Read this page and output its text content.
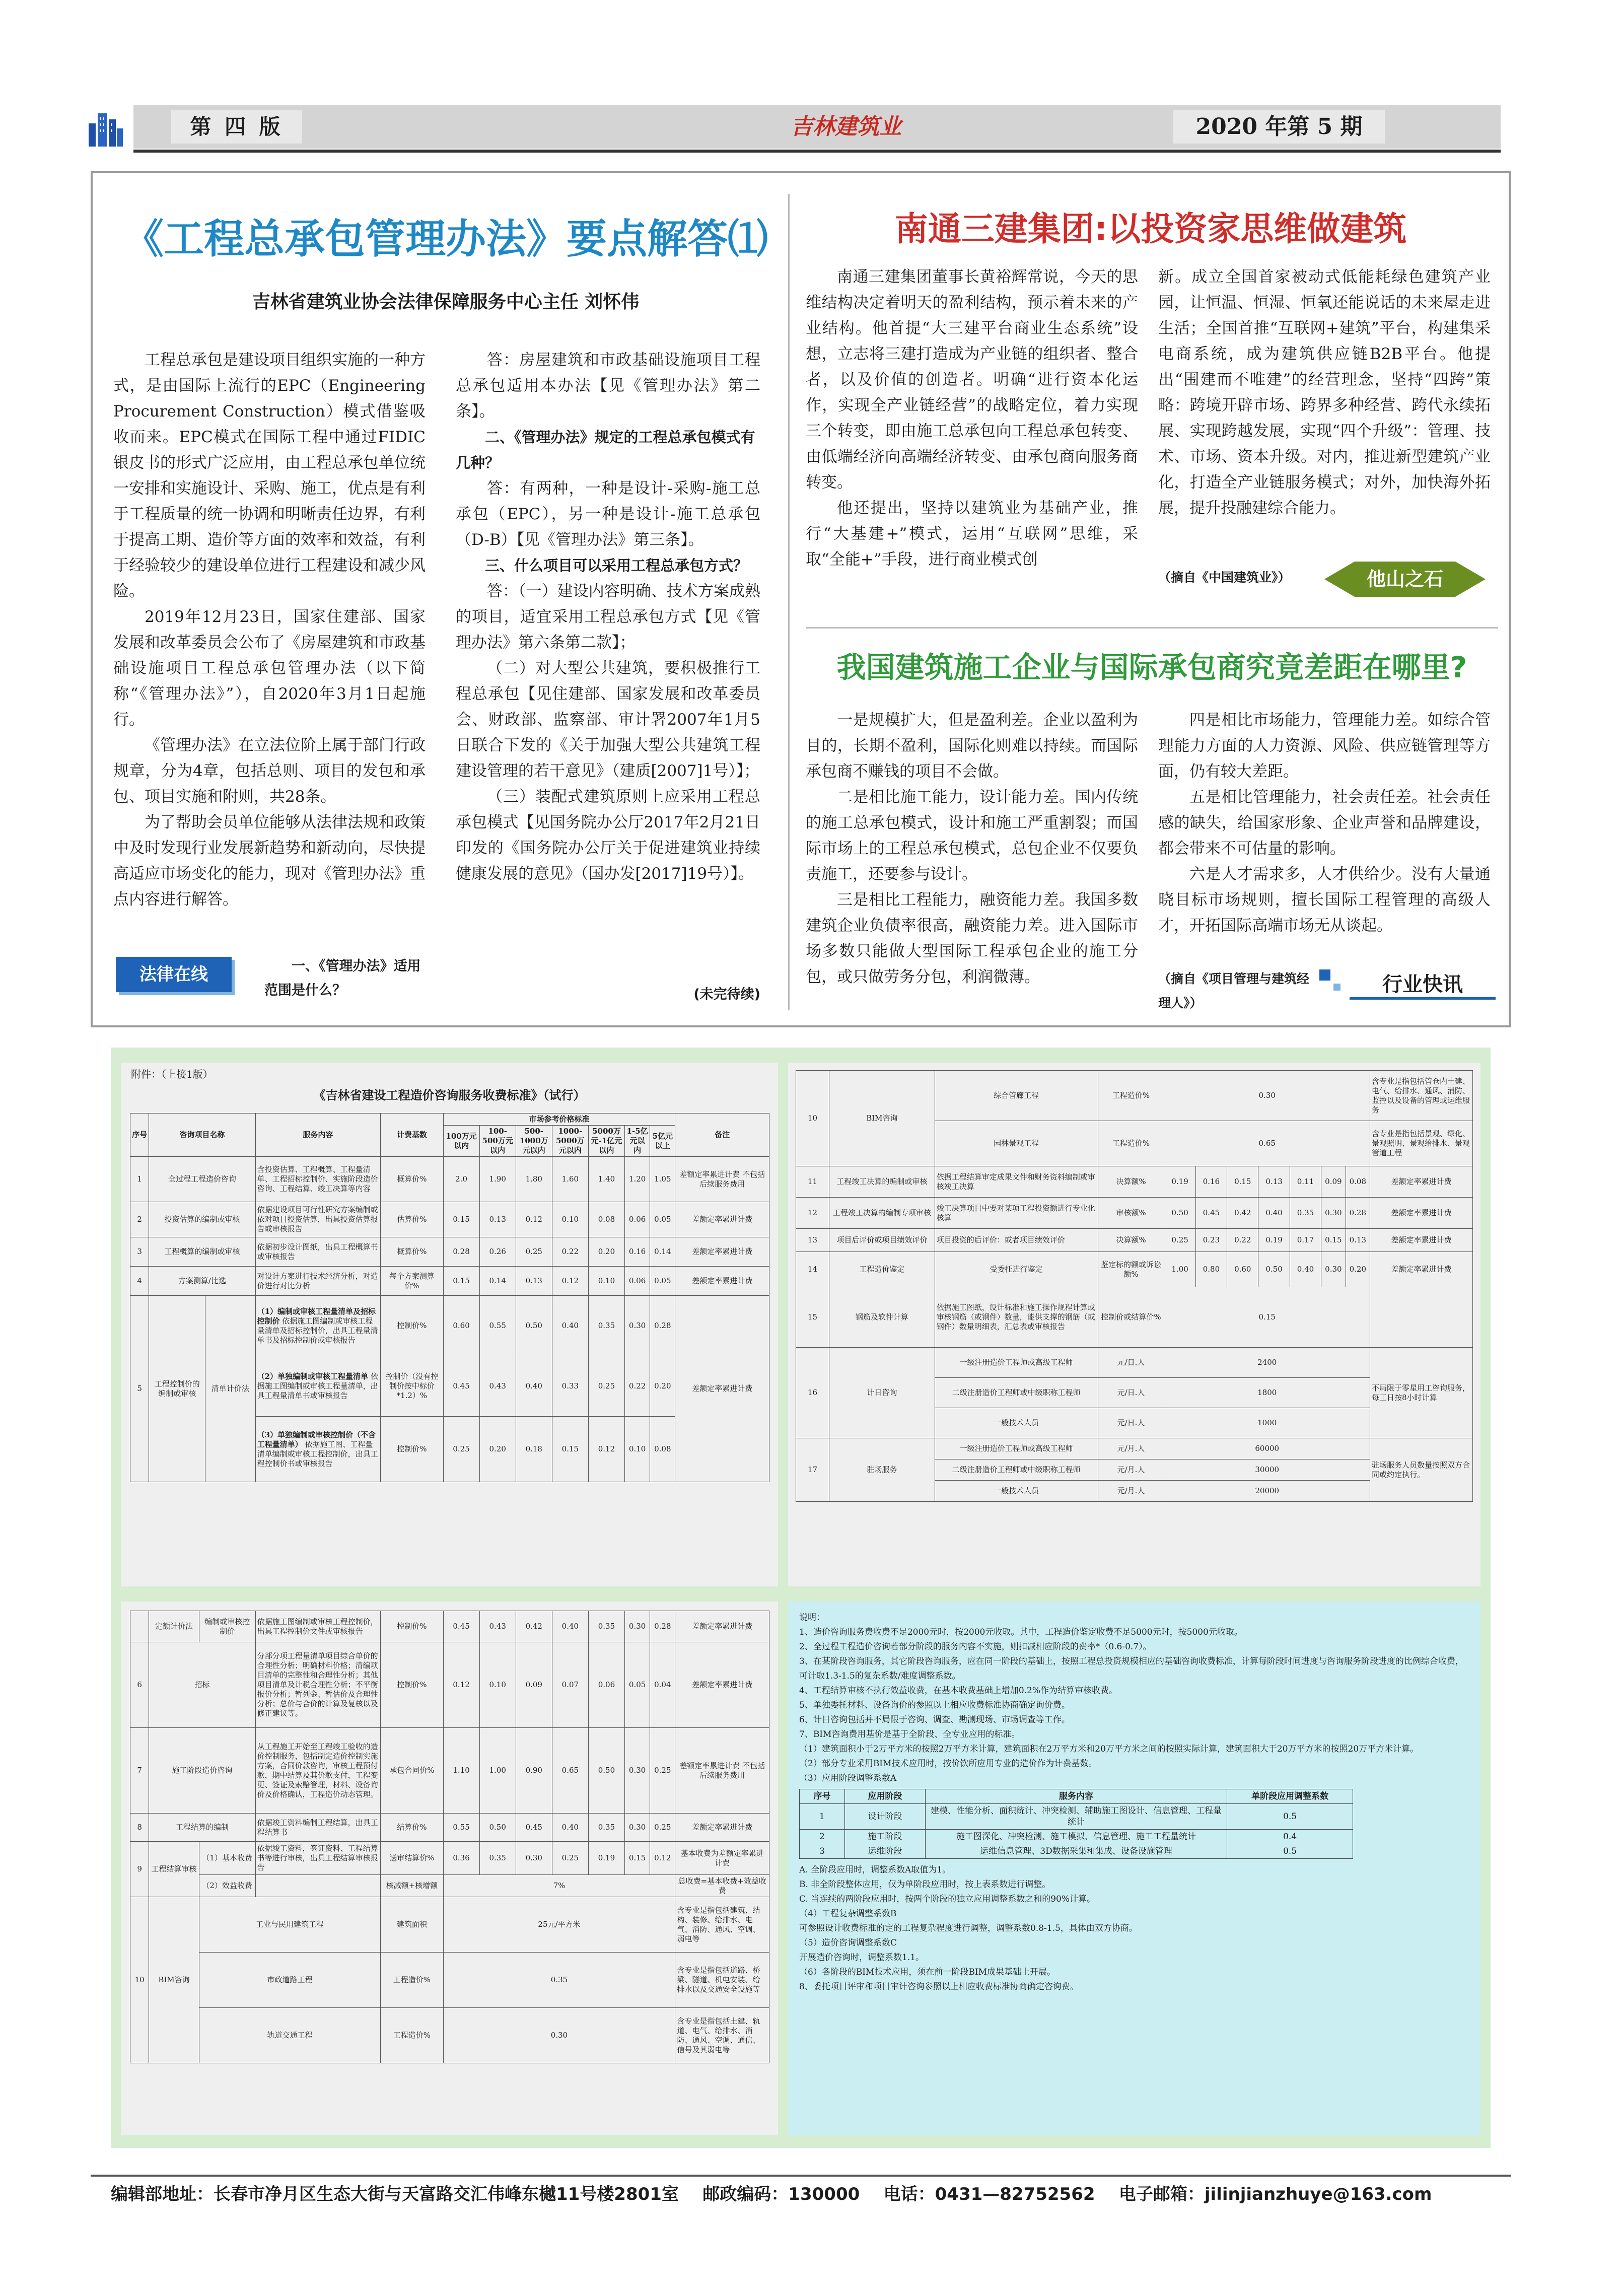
第 四 版	吉林建筑业	2020 年第 5 期
《工程总承包管理办法》要点解答⑴
吉林省建筑业协会法律保障服务中心主任 刘怀伟

工程总承包是建设项目组织实施的一种方式，是由国际上流行的EPC（Engineering Procurement Construction）模式借鉴吸收而来。EPC模式在国际工程中通过FIDIC银皮书的形式广泛应用，由工程总承包单位统一安排和实施设计、采购、施工，优点是有利于工程质量的统一协调和明晰责任边界，有利于提高工期、造价等方面的效率和效益，有利于经验较少的建设单位进行工程建设和减少风险。

2019年12月23日，国家住建部、国家发展和改革委员会公布了《房屋建筑和市政基础设施项目工程总承包管理办法（以下简称“《管理办法》”），自2020年3月1日起施行。

《管理办法》在立法位阶上属于部门行政规章，分为4章，包括总则、项目的发包和承包、项目实施和附则，共28条。

为了帮助会员单位能够从法律法规和政策中及时发现行业发展新趋势和新动向，尽快提高适应市场变化的能力，现对《管理办法》重点内容进行解答。

法律在线	一、《管理办法》适用范围是什么？

答：房屋建筑和市政基础设施项目工程总承包适用本办法【见《管理办法》第二条】。

二、《管理办法》规定的工程总承包模式有几种？

答：有两种，一种是设计-采购-施工总承包（EPC），另一种是设计-施工总承包（D-B）【见《管理办法》第三条】。

三、什么项目可以采用工程总承包方式？

答：（一）建设内容明确、技术方案成熟的项目，适宜采用工程总承包方式【见《管理办法》第六条第二款】；

（二）对大型公共建筑，要积极推行工程总承包【见住建部、国家发展和改革委员会、财政部、监察部、审计署2007年1月5日联合下发的《关于加强大型公共建筑工程建设管理的若干意见》（建质[2007]1号）】；

（三）装配式建筑原则上应采用工程总承包模式【见国务院办公厅2017年2月21日印发的《国务院办公厅关于促进建筑业持续健康发展的意见》（国办发[2017]19号）】。

(未完待续)
南通三建集团:以投资家思维做建筑

南通三建集团董事长黄裕辉常说，今天的思维结构决定着明天的盈利结构，预示着未来的产业结构。他首提“大三建平台商业生态系统”设想，立志将三建打造成为产业链的组织者、整合者，以及价值的创造者。明确“进行资本化运作，实现全产业链经营”的战略定位，着力实现三个转变，即由施工总承包向工程总承包转变、由低端经济向高端经济转变、由承包商向服务商转变。

他还提出，坚持以建筑业为基础产业，推行“大基建+”模式，运用“互联网”思维，采取“全能+”手段，进行商业模式创

新。成立全国首家被动式低能耗绿色建筑产业园，让恒温、恒湿、恒氧还能说话的未来屋走进生活；全国首推“互联网+建筑”平台，构建集采电商系统，成为建筑供应链B2B平台。他提出“围建而不唯建”的经营理念，坚持“四跨”策略：跨境开辟市场、跨界多种经营、跨代永续拓展、实现跨越发展，实现“四个升级”：管理、技术、市场、资本升级。对内，推进新型建筑产业化，打造全产业链服务模式；对外，加快海外拓展，提升投融建综合能力。

（摘自《中国建筑业》）	他山之石
我国建筑施工企业与国际承包商究竟差距在哪里?

一是规模扩大，但是盈利差。企业以盈利为目的，长期不盈利，国际化则难以持续。而国际承包商不赚钱的项目不会做。

二是相比施工能力，设计能力差。国内传统的施工总承包模式，设计和施工严重割裂；而国际市场上的工程总承包模式，总包企业不仅要负责施工，还要参与设计。

三是相比工程能力，融资能力差。我国多数建筑企业负债率很高，融资能力差。进入国际市场多数只能做大型国际工程承包企业的施工分包，或只做劳务分包，利润微薄。

四是相比市场能力，管理能力差。如综合管理能力方面的人力资源、风险、供应链管理等方面，仍有较大差距。

五是相比管理能力，社会责任差。社会责任感的缺失，给国家形象、企业声誉和品牌建设，都会带来不可估量的影响。

六是人才需求多，人才供给少。没有大量通晓目标市场规则，擅长国际工程管理的高级人才，开拓国际高端市场无从谈起。

（摘自《项目管理与建筑经理人》）
行业快讯
附件：（上接1版）
《吉林省建设工程造价咨询服务收费标准》（试行）
序号	咨询项目名称		服务内容	计费基数	市场参考价格标准							备注
					100万元以内	100-500万元以内	500-1000万元以内	1000-5000万元以内	5000万元-1亿元以内	1-5亿元以内	5亿元以上	
1	全过程工程造价咨询		含投资估算、工程概算、工程量清单、工程招标控制价、实施阶段造价咨询、工程结算、竣工决算等内容	概算价%	2.0	1.90	1.80	1.60	1.40	1.20	1.05	差额定率累进计费 不包括后续服务费用
2	投资估算的编制或审核		依据建设项目可行性研究方案编制或依对项目投资估算，出具投资估算报告或审核报告	估算价%	0.15	0.13	0.12	0.10	0.08	0.06	0.05	差额定率累进计费
3	工程概算的编制或审核		依据初步设计图纸，出具工程概算书或审核报告	概算价%	0.28	0.26	0.25	0.22	0.20	0.16	0.14	差额定率累进计费
4	方案测算/比选		对设计方案进行技术经济分析，对造价进行对比分析	每个方案测算价%	0.15	0.14	0.13	0.12	0.10	0.06	0.05	差额定率累进计费
5	工程控制价的编制或审核	清单计价法	（1）编制或审核工程量清单及招标控制价 依据施工图编制或审核工程量清单及招标控制价，出具工程量清单书及招标控制价或审核报告	控制价%	0.60	0.55	0.50	0.40	0.35	0.30	0.28	差额定率累进计费
			（2）单独编制或审核工程量清单 依据施工图编制或审核工程量清单，出具工程量清单书或审核报告	控制价（没有控制价按中标价*1.2）%	0.45	0.43	0.40	0.33	0.25	0.22	0.20	
			（3）单独编制或审核控制价（不含工程量清单） 依据施工图、工程量清单编制或审核工程控制价，出具工程控制价书或审核报告	控制价%	0.25	0.20	0.18	0.15	0.12	0.10	0.08	
10	BIM咨询	综合管廊工程	工程造价%	0.30							含专业是指包括管仓内土建、电气、给排水、通风、消防、监控以及设备的管理或运维服务
		园林景观工程	工程造价%	0.65							含专业是指包括景观、绿化、景观照明、景观给排水、景观管道工程
11	工程竣工决算的编制或审核	依据工程结算审定成果文件和财务资料编制或审核竣工决算	决算额%	0.19	0.16	0.15	0.13	0.11	0.09	0.08	差额定率累进计费
12	工程竣工决算的编制专项审核	竣工决算项目中要对某项工程投资额进行专业化核算	审核额%	0.50	0.45	0.42	0.40	0.35	0.30	0.28	差额定率累进计费
13	项目后评价或项目绩效评价	项目投资的后评价：或者项目绩效评价	决算额%	0.25	0.23	0.22	0.19	0.17	0.15	0.13	差额定率累进计费
14	工程造价鉴定	受委托进行鉴定	鉴定标的额或诉讼额%	1.00	0.80	0.60	0.50	0.40	0.30	0.20	差额定率累进计费
15	钢筋及软件计算	依据施工图纸，设计标准和施工操作规程计算或审核钢筋（或钢件）数量，能供支撑的钢筋（或钢件）数量明细表，汇总表或审核报告	控制价或结算价%	0.15							
16	计日咨询	一级注册造价工程师或高级工程师	元/日.人	2400							不局限于零星用工咨询服务，每工日按8小时计算
		二级注册造价工程师或中级职称工程师	元/日.人	1800							
		一般技术人员	元/日.人	1000							
17	驻场服务	一级注册造价工程师或高级工程师	元/月.人	60000							驻场服务人员数量按照双方合同或约定执行。
		二级注册造价工程师或中级职称工程师	元/月.人	30000							
		一般技术人员	元/月.人	20000							
	定额计价法	编制或审核控制价	依据施工图编制或审核工程控制价，出具工程控制价文件或审核报告	控制价%	0.45	0.43	0.42	0.40	0.35	0.30	0.28	差额定率累进计费
6	招标		分部分项工程量清单项目综合单价的合理性分析；明确材料价格；清编项目清单的完整性和合理性分析；其他项目清单及计税合理性分析；不平衡报价分析；暂列金、暂估价及合理性分析；总价与合价的计算及复核以及修正建议等。	控制价%	0.12	0.10	0.09	0.07	0.06	0.05	0.04	差额定率累进计费
7	施工阶段造价咨询		从工程施工开始至工程竣工验收的造价控制服务，包括制定造价控制实施方案，合同价款咨询，审核工程预付款，期中结算及其价款支付，工程变更、签证及索赔管理，材料、设备询价及价格确认，工程造价动态管理。	承包合同价%	1.10	1.00	0.90	0.65	0.50	0.30	0.25	差额定率累进计费 不包括后续服务费用
8	工程结算的编制		依据竣工资料编制工程结算，出具工程结算书	结算价%	0.55	0.50	0.45	0.40	0.35	0.30	0.25	差额定率累进计费
9	工程结算审核	（1）基本收费	依据竣工资料，签证资料、工程结算书等进行审核，出具工程结算审核报告	送审结算价%	0.36	0.35	0.30	0.25	0.19	0.15	0.12	基本收费为差额定率累进计费
		（2）效益收费		核减额+核增额	7%							总收费=基本收费+效益收费
10	BIM咨询	工业与民用建筑工程		建筑面积	25元/平方米							含专业是指包括建筑、结构、装修、给排水、电气、消防、通风、空调、弱电等
		市政道路工程		工程造价%	0.35							含专业是指包括道路、桥梁、隧道、机电安装、给排水以及交通安全设施等
		轨道交通工程		工程造价%	0.30							含专业是指包括土建、轨道、电气、给排水、消防、通风、空调、通信、信号及其弱电等

说明：

1、造价咨询服务费收费不足2000元时，按2000元收取。其中，工程造价鉴定收费不足5000元时，按5000元收取。

2、全过程工程造价咨询若部分阶段的服务内容不实施，则扣减相应阶段的费率*（0.6-0.7）。

3、在某阶段咨询服务，其它阶段咨询服务，应在同一阶段的基础上，按照工程总投资规模相应的基础咨询收费标准，计算每阶段时间进度与咨询服务阶段进度的比例综合收费，可计取1.3-1.5的复杂系数/难度调整系数。

4、工程结算审核不执行效益收费，在基本收费基础上增加0.2%作为结算审核收费。

5、单独委托材料、设备询价的参照以上相应收费标准协商确定询价费。

6、计日咨询包括并不局限于咨询、调查、勘测现场、市场调查等工作。

7、BIM咨询费用基价是基于全阶段、全专业应用的标准。

（1）建筑面积小于2万平方米的按照2万平方米计算，建筑面积在2万平方米和20万平方米之间的按照实际计算，建筑面积大于20万平方米的按照20万平方米计算。

（2）部分专业采用BIM技术应用时，按价饮所应用专业的造价作为计费基数。

（3）应用阶段调整系数A

序号	应用阶段	服务内容	单阶段应用调整系数
1	设计阶段	建模、性能分析、面积统计、冲突检测、辅助施工图设计、信息管理、工程量统计	0.5
2	施工阶段	施工图深化、冲突检测、施工模拟、信息管理、施工工程量统计	0.4
3	运维阶段	运维信息管理、3D数据采集和集成、设备设施管理	0.5

A. 全阶段应用时，调整系数A取值为1。

B. 非全阶段整体应用，仅为单阶段应用时，按上表系数进行调整。

C. 当连续的两阶段应用时，按两个阶段的独立应用调整系数之和的90%计算。

（4）工程复杂调整系数B

可参照设计收费标准的定的工程复杂程度进行调整，调整系数0.8-1.5，具体由双方协商。

（5）造价咨询调整系数C

开展造价咨询时，调整系数1.1。

（6）各阶段的BIM技术应用，须在前一阶段BIM成果基础上开展。

8、委托项目评审和项目审计咨询参照以上相应收费标准协商确定咨询费。

编辑部地址：长春市净月区生态大街与天富路交汇伟峰东樾11号楼2801室 邮政编码：130000 电话：0431—82752562 电子邮箱：jilinjianzhuye@163.com
